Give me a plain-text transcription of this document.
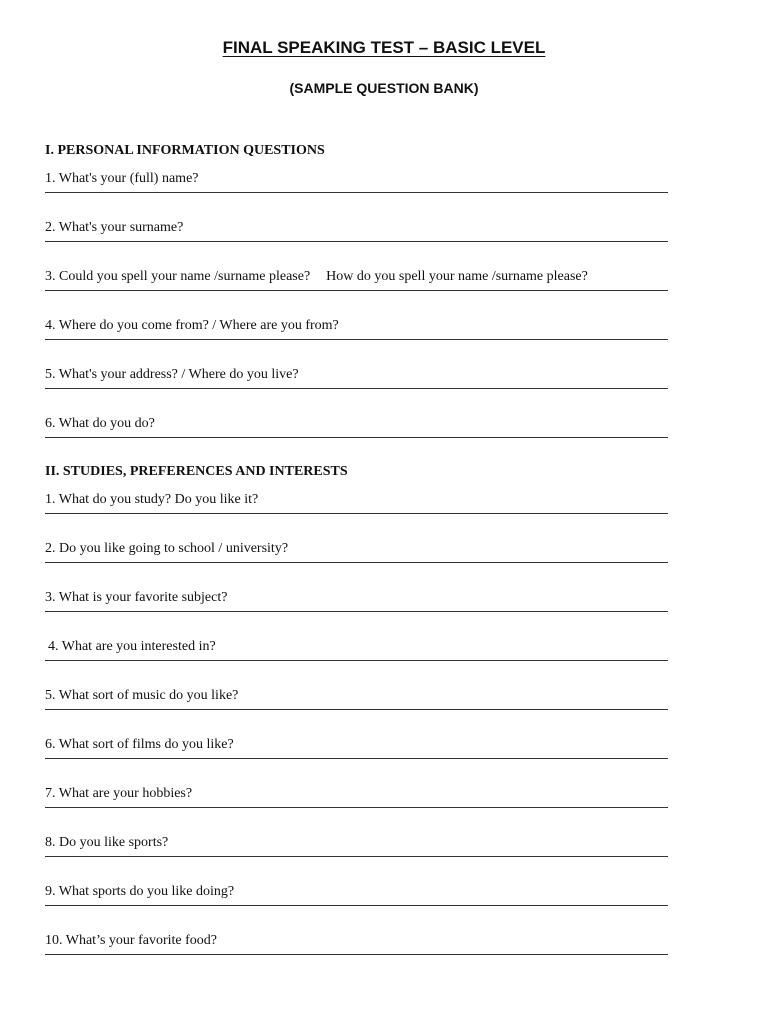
FINAL SPEAKING TEST – BASIC LEVEL
(SAMPLE QUESTION BANK)
I. PERSONAL INFORMATION QUESTIONS
1. What's your (full) name?
2. What's your surname?
3. Could you spell your name /surname please? How do you spell your name /surname please?
4. Where do you come from? / Where are you from?
5. What's your address? / Where do you live?
6. What do you do?
II. STUDIES, PREFERENCES AND INTERESTS
1. What do you study? Do you like it?
2. Do you like going to school / university?
3. What is your favorite subject?
4. What are you interested in?
5. What sort of music do you like?
6. What sort of films do you like?
7. What are your hobbies?
8. Do you like sports?
9. What sports do you like doing?
10. What’s your favorite food?
